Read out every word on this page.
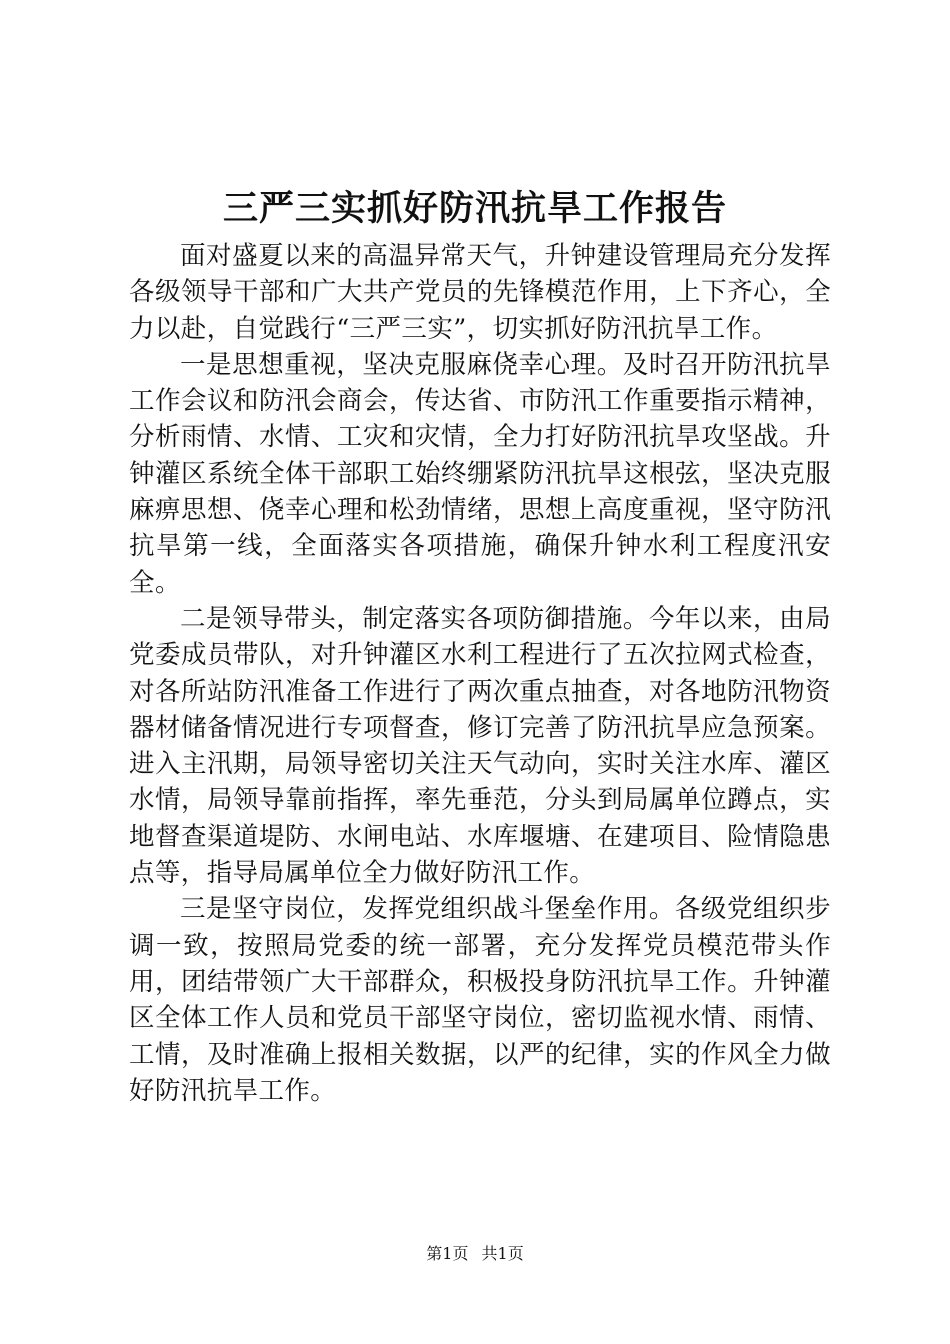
三严三实抓好防汛抗旱工作报告

面对盛夏以来的高温异常天气，升钟建设管理局充分发挥各级领导干部和广大共产党员的先锋模范作用，上下齐心，全力以赴，自觉践行“三严三实”，切实抓好防汛抗旱工作。

一是思想重视，坚决克服麻侥幸心理。及时召开防汛抗旱工作会议和防汛会商会，传达省、市防汛工作重要指示精神，分析雨情、水情、工灾和灾情，全力打好防汛抗旱攻坚战。升钟灌区系统全体干部职工始终绷紧防汛抗旱这根弦，坚决克服麻痹思想、侥幸心理和松劲情绪，思想上高度重视，坚守防汛抗旱第一线，全面落实各项措施，确保升钟水利工程度汛安全。

二是领导带头，制定落实各项防御措施。今年以来，由局党委成员带队，对升钟灌区水利工程进行了五次拉网式检查，对各所站防汛准备工作进行了两次重点抽查，对各地防汛物资器材储备情况进行专项督查，修订完善了防汛抗旱应急预案。进入主汛期，局领导密切关注天气动向，实时关注水库、灌区水情，局领导靠前指挥，率先垂范，分头到局属单位蹲点，实地督查渠道堤防、水闸电站、水库堰塘、在建项目、险情隐患点等，指导局属单位全力做好防汛工作。

三是坚守岗位，发挥党组织战斗堡垒作用。各级党组织步调一致，按照局党委的统一部署，充分发挥党员模范带头作用，团结带领广大干部群众，积极投身防汛抗旱工作。升钟灌区全体工作人员和党员干部坚守岗位，密切监视水情、雨情、工情，及时准确上报相关数据，以严的纪律，实的作风全力做好防汛抗旱工作。

第1页 共1页
